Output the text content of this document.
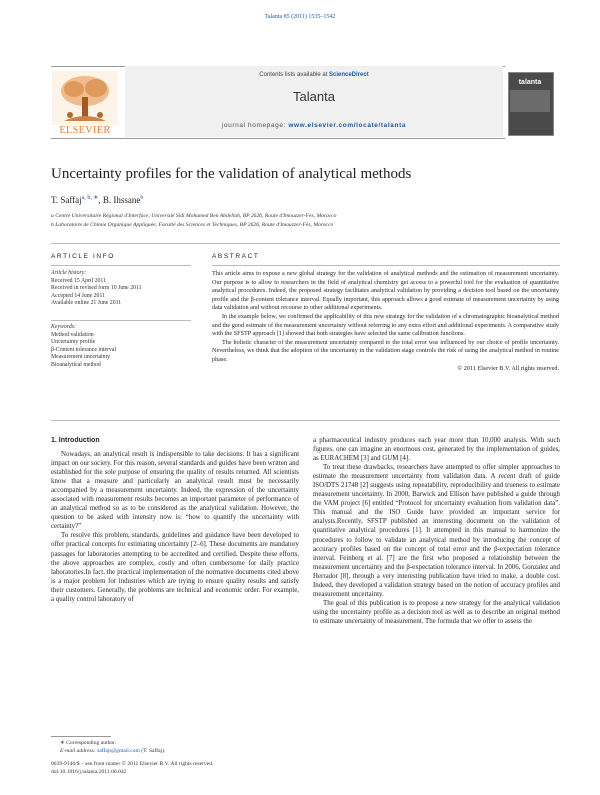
Talanta 85 (2011) 1535–1542
Contents lists available at ScienceDirect
Talanta
journal homepage: www.elsevier.com/locate/talanta
ELSEVIER
talanta
Uncertainty profiles for the validation of analytical methods
T. Saffaj$^{a, b, ∗}$, B. Ihssane$^b$
a Centre Universitaire Régional d'Interface, Université Sidi Mohamed Ben Abdellah, BP 2626, Route d'Imouzzer-Fès, Morocco
b Laboratoire de Chimie Organique Appliquée, Faculté des Sciences et Techniques, BP 2626, Route d'Imouzzer-Fès, Morocco
ARTICLE INFO	ABSTRACT
Article history:
Received 15 April 2011
Received in revised form 10 June 2011
Accepted 14 June 2011
Available online 21 June 2011
Keywords:
Method validation
Uncertainty profile
β-Content tolerance interval
Measurement uncertainty
Bioanalytical method

This article aims to expose a new global strategy for the validation of analytical methods and the estimation of measurement uncertainty. Our purpose is to allow to researchers in the field of analytical chemistry get access to a powerful tool for the evaluation of quantitative analytical procedures. Indeed, the proposed strategy facilitates analytical validation by providing a decision tool based on the uncertainty profile and the β-content tolerance interval. Equally important, this approach allows a good estimate of measurement uncertainty by using data validation and without recourse to other additional experiments.

In the example below, we confirmed the applicability of this new strategy for the validation of a chromatographic bioanalytical method and the good estimate of the measurement uncertainty without referring to any extra effort and additional experiments. A comparative study with the SFSTP approach [1] showed that both strategies have selected the same calibration functions.

The holistic character of the measurement uncertainty compared to the total error was influenced by our choice of profile uncertainty. Nevertheless, we think that the adoption of the uncertainty in the validation stage controls the risk of using the analytical method in routine phase.

© 2011 Elsevier B.V. All rights reserved.
1. Introduction

Nowadays, an analytical result is indispensible to take decisions. It has a significant impact on our society. For this reason, several standards and guides have been written and established for the sole purpose of ensuring the quality of results returned. All scientists know that a measure and particularly an analytical result must be necessarily accompanied by a measurement uncertainty. Indeed, the expression of the uncertainty associated with measurement results becomes an important parameter of performance of an analytical method so as to be considered as the analytical validation. However, the question to be asked with intensity now is: “how to quantify the uncertainty with certainty?”

To resolve this problem, standards, guidelines and guidance have been developed to offer practical concepts for estimating uncertainty [2–6]. These documents are mandatory passages for laboratories attempting to be accredited and certified. Despite these efforts, the above approaches are complex, costly and often cumbersome for daily practice laboratories.In fact, the practical implementation of the normative documents cited above is a major problem for industries which are trying to ensure quality results and satisfy their customers. Generally, the problems are technical and economic order. For example, a quality control laboratory of

a pharmaceutical industry produces each year more than 10,000 analysis. With such figures, one can imagine an enormous cost, generated by the implementation of guides, as EURACHEM [3] and GUM [4].

To treat these drawbacks, researchers have attempted to offer simpler approaches to estimate the measurement uncertainty from validation data. A recent draft of guide ISO/DTS 21748 [2] suggests using repeatability, reproducibility and trueness to estimate measurement uncertainty. In 2000, Barwick and Ellison have published a guide through the VAM project [6] entitled “Protocol for uncertainty evaluation from validation data”. This manual and the ISO Guide have provided an important service for analysts.Recently, SFSTP published an interesting document on the validation of quantitative analytical procedures [1]. It attempted in this manual to harmonize the procedures to follow to validate an analytical method by introducing the concept of accuracy profiles based on the concept of total error and the β-expectation tolerance interval. Feinberg et al. [7] are the first who proposed a relationship between the measurement uncertainty and the β-expectation tolerance interval. In 2006, Gonzalez and Herrador [8], through a very interesting publication have tried to make, a double cost. Indeed, they developed a validation strategy based on the notion of accuracy profiles and measurement uncertainty.

The goal of this publication is to propose a new strategy for the analytical validation using the uncertainty profile as a decision tool as well as to describe an original method to estimate uncertainty of measurement. The formula that we offer to assess the

∗ Corresponding author.
E-mail address: saffajt@gmail.com (T. Saffaj).
0039-9140/$ – see front matter © 2011 Elsevier B.V. All rights reserved.
doi:10.1016/j.talanta.2011.06.042
